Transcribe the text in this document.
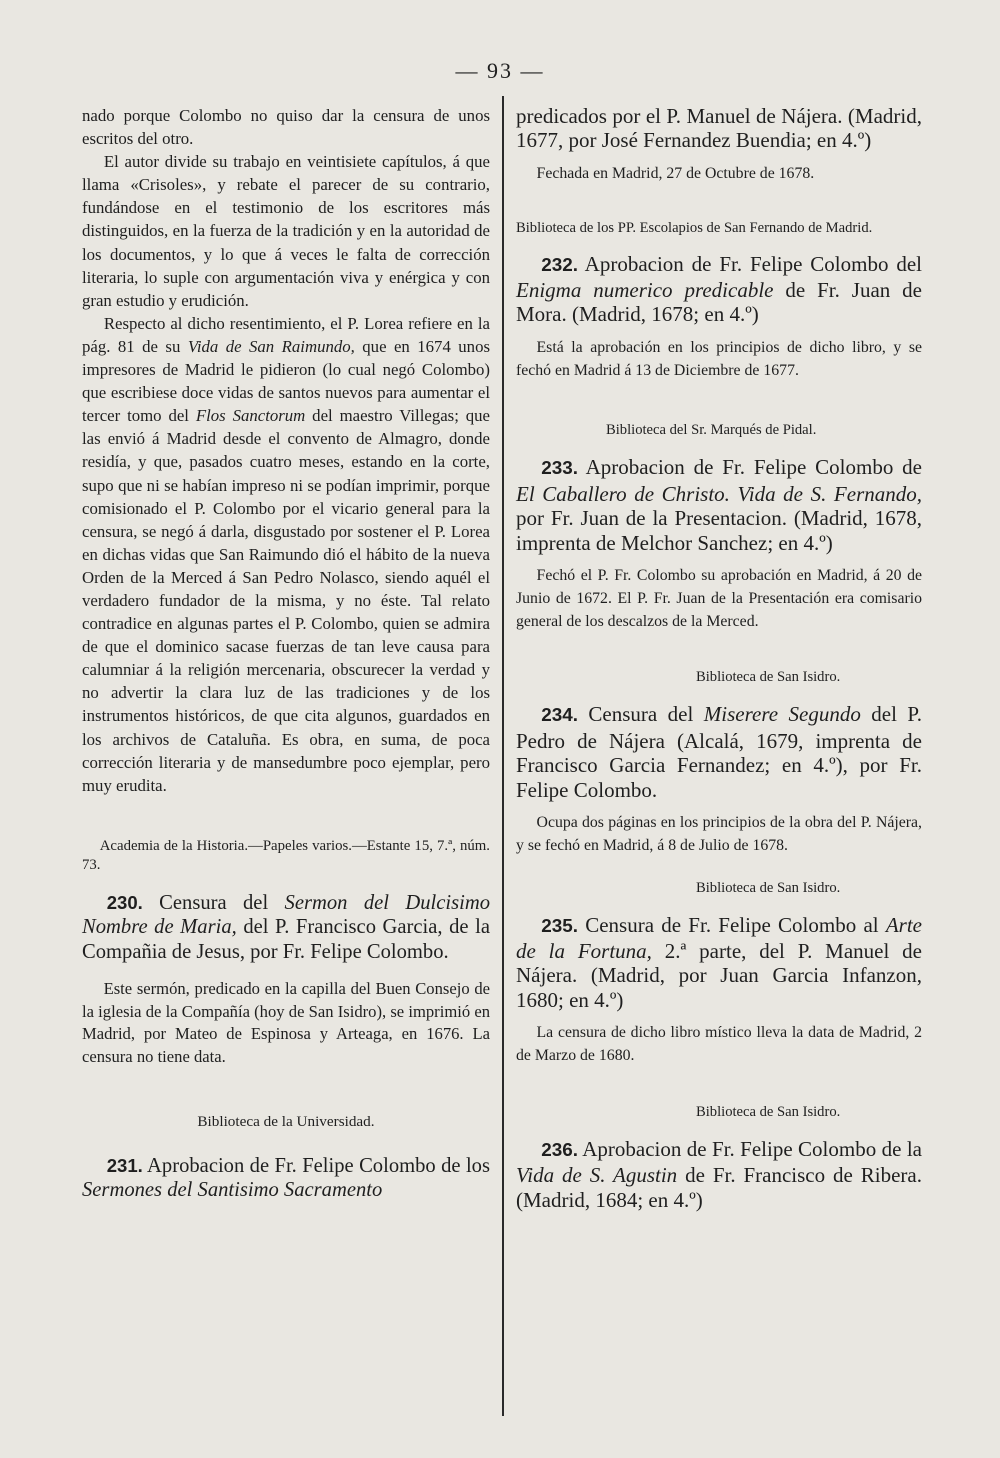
— 93 —

nado porque Colombo no quiso dar la censura de unos escritos del otro.

El autor divide su trabajo en veintisiete capítulos, á que llama «Crisoles», y rebate el parecer de su contrario, fundándose en el testimonio de los escritores más distinguidos, en la fuerza de la tradición y en la autoridad de los documentos, y lo que á veces le falta de corrección literaria, lo suple con argumentación viva y enérgica y con gran estudio y erudición.

Respecto al dicho resentimiento, el P. Lorea refiere en la pág. 81 de su Vida de San Raimundo, que en 1674 unos impresores de Madrid le pidieron (lo cual negó Colombo) que escribiese doce vidas de santos nuevos para aumentar el tercer tomo del Flos Sanctorum del maestro Villegas; que las envió á Madrid desde el convento de Almagro, donde residía, y que, pasados cuatro meses, estando en la corte, supo que ni se habían impreso ni se podían imprimir, porque comisionado el P. Colombo por el vicario general para la censura, se negó á darla, disgustado por sostener el P. Lorea en dichas vidas que San Raimundo dió el hábito de la nueva Orden de la Merced á San Pedro Nolasco, siendo aquél el verdadero fundador de la misma, y no éste. Tal relato contradice en algunas partes el P. Colombo, quien se admira de que el dominico sacase fuerzas de tan leve causa para calumniar á la religión mercenaria, obscurecer la verdad y no advertir la clara luz de las tradiciones y de los instrumentos históricos, de que cita algunos, guardados en los archivos de Cataluña. Es obra, en suma, de poca corrección literaria y de mansedumbre poco ejemplar, pero muy erudita.

Academia de la Historia.—Papeles varios.—Estante 15, 7.ª, núm. 73.

230. Censura del Sermon del Dulcisimo Nombre de Maria, del P. Francisco Garcia, de la Compañia de Jesus, por Fr. Felipe Colombo.

Este sermón, predicado en la capilla del Buen Consejo de la iglesia de la Compañía (hoy de San Isidro), se imprimió en Madrid, por Mateo de Espinosa y Arteaga, en 1676. La censura no tiene data.

Biblioteca de la Universidad.

231. Aprobacion de Fr. Felipe Colombo de los Sermones del Santisimo Sacramento

predicados por el P. Manuel de Nájera. (Madrid, 1677, por José Fernandez Buendia; en 4.º)

Fechada en Madrid, 27 de Octubre de 1678.

Biblioteca de los PP. Escolapios de San Fernando de Madrid.

232. Aprobacion de Fr. Felipe Colombo del Enigma numerico predicable de Fr. Juan de Mora. (Madrid, 1678; en 4.º)

Está la aprobación en los principios de dicho libro, y se fechó en Madrid á 13 de Diciembre de 1677.

Biblioteca del Sr. Marqués de Pidal.

233. Aprobacion de Fr. Felipe Colombo de El Caballero de Christo. Vida de S. Fernando, por Fr. Juan de la Presentacion. (Madrid, 1678, imprenta de Melchor Sanchez; en 4.º)

Fechó el P. Fr. Colombo su aprobación en Madrid, á 20 de Junio de 1672. El P. Fr. Juan de la Presentación era comisario general de los descalzos de la Merced.

Biblioteca de San Isidro.

234. Censura del Miserere Segundo del P. Pedro de Nájera (Alcalá, 1679, imprenta de Francisco Garcia Fernandez; en 4.º), por Fr. Felipe Colombo.

Ocupa dos páginas en los principios de la obra del P. Nájera, y se fechó en Madrid, á 8 de Julio de 1678.

Biblioteca de San Isidro.

235. Censura de Fr. Felipe Colombo al Arte de la Fortuna, 2.ª parte, del P. Manuel de Nájera. (Madrid, por Juan Garcia Infanzon, 1680; en 4.º)

La censura de dicho libro místico lleva la data de Madrid, 2 de Marzo de 1680.

Biblioteca de San Isidro.

236. Aprobacion de Fr. Felipe Colombo de la Vida de S. Agustin de Fr. Francisco de Ribera. (Madrid, 1684; en 4.º)
